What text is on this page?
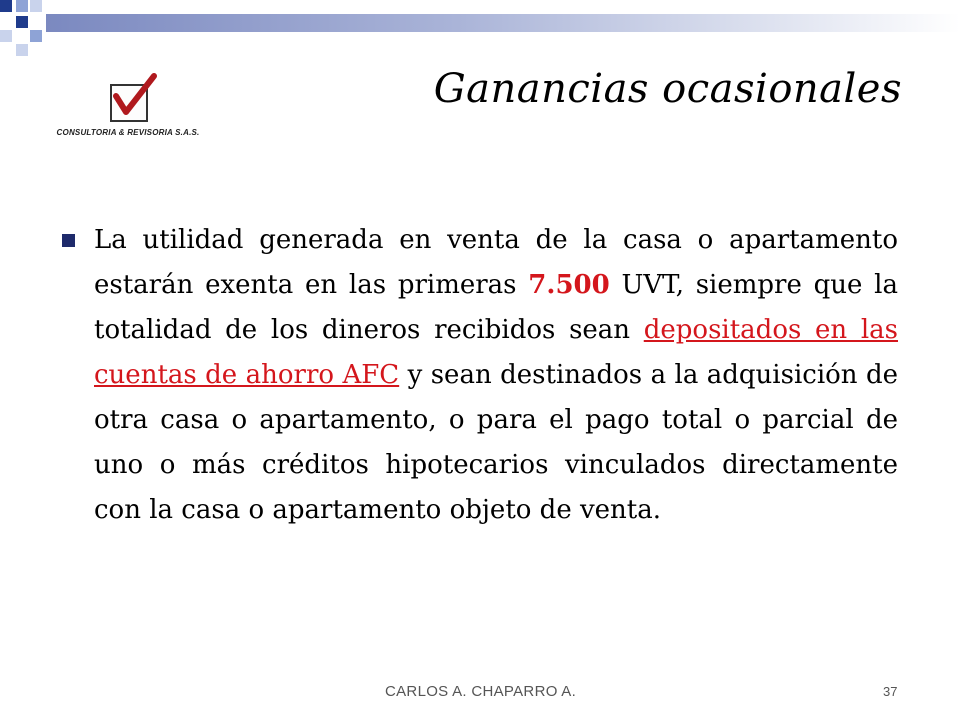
CONSULTORIA & REVISORIA S.A.S.
Ganancias ocasionales
La utilidad generada en venta de la casa o apartamento estarán exenta en las primeras 7.500 UVT, siempre que la totalidad de los dineros recibidos sean depositados en las cuentas de ahorro AFC y sean destinados a la adquisición de otra casa o apartamento, o para el pago total o parcial de uno o más créditos hipotecarios vinculados directamente con la casa o apartamento objeto de venta.
CARLOS A. CHAPARRO A.	37
